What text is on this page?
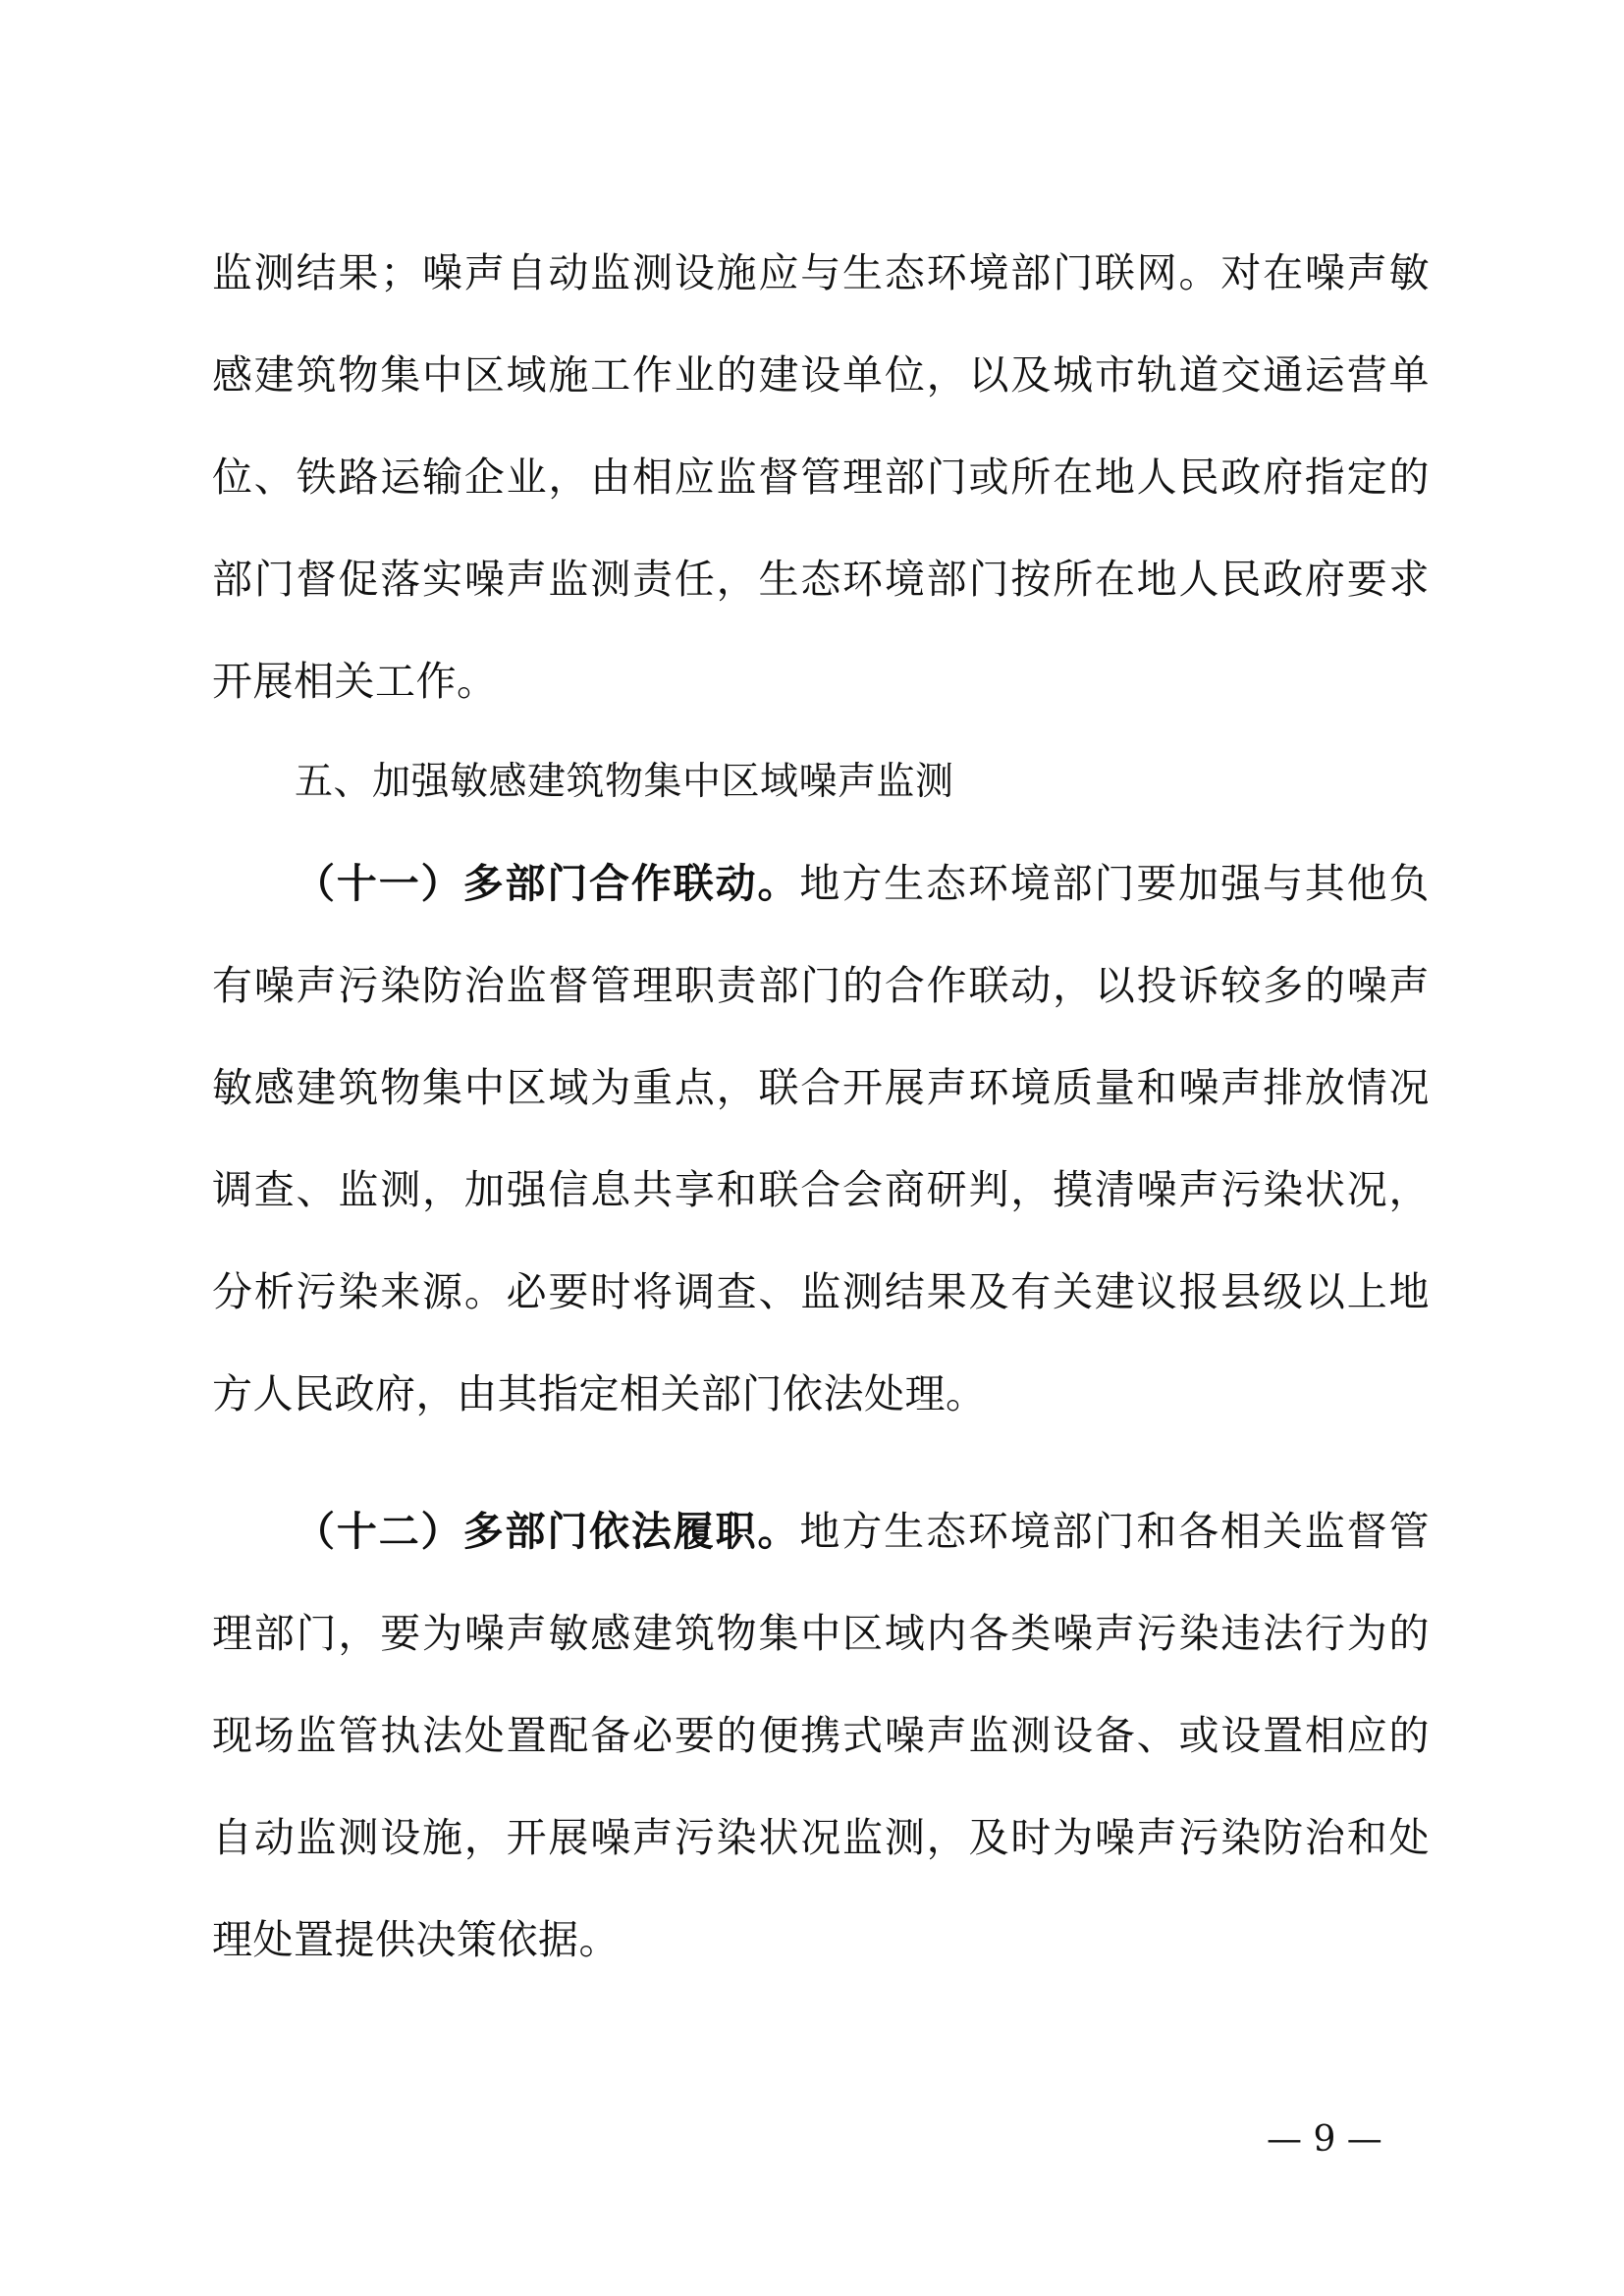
监测结果；噪声自动监测设施应与生态环境部门联网。对在噪声敏
感建筑物集中区域施工作业的建设单位，以及城市轨道交通运营单
位、铁路运输企业，由相应监督管理部门或所在地人民政府指定的
部门督促落实噪声监测责任，生态环境部门按所在地人民政府要求
开展相关工作。
五、加强敏感建筑物集中区域噪声监测
（十一）多部门合作联动。地方生态环境部门要加强与其他负
有噪声污染防治监督管理职责部门的合作联动，以投诉较多的噪声
敏感建筑物集中区域为重点，联合开展声环境质量和噪声排放情况
调查、监测，加强信息共享和联合会商研判，摸清噪声污染状况，
分析污染来源。必要时将调查、监测结果及有关建议报县级以上地
方人民政府，由其指定相关部门依法处理。
（十二）多部门依法履职。地方生态环境部门和各相关监督管
理部门，要为噪声敏感建筑物集中区域内各类噪声污染违法行为的
现场监管执法处置配备必要的便携式噪声监测设备、或设置相应的
自动监测设施，开展噪声污染状况监测，及时为噪声污染防治和处
理处置提供决策依据。
— 9 —
